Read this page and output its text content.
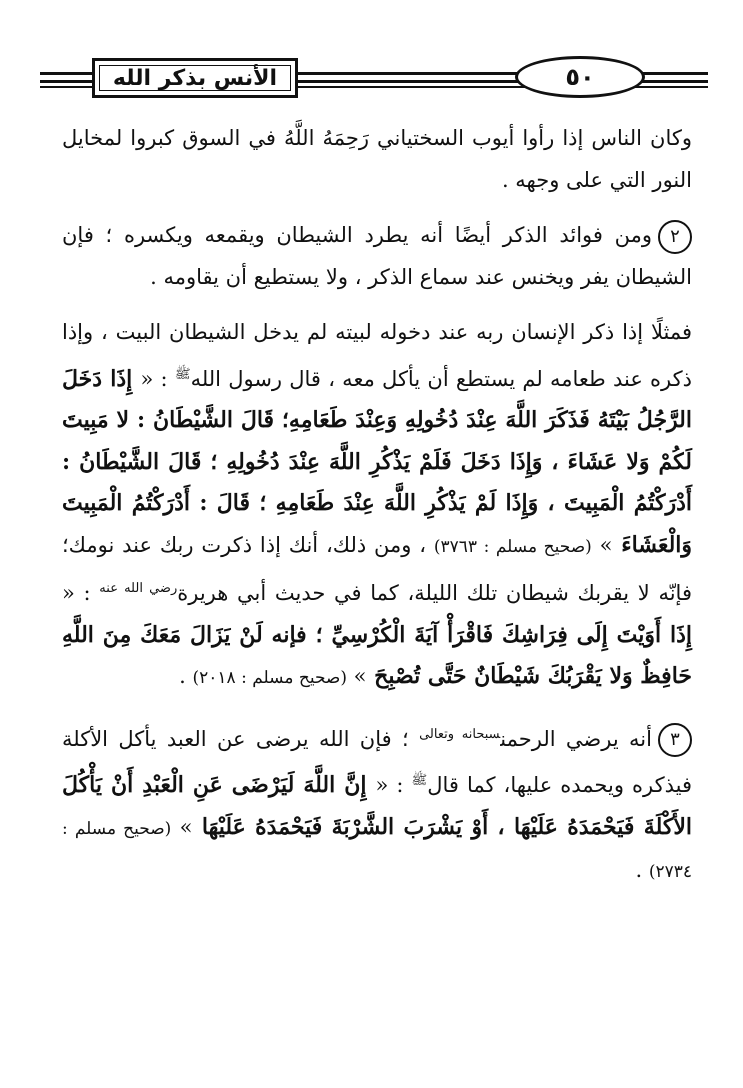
الأنس بذكر الله	٥٠

وكان الناس إذا رأوا أيوب السختياني رَحِمَهُ اللَّهُ في السوق كبروا لمخايل النور التي على وجهه .

٢ومن فوائد الذكر أيضًا أنه يطرد الشيطان ويقمعه ويكسره ؛ فإن الشيطان يفر ويخنس عند سماع الذكر ، ولا يستطيع أن يقاومه .

فمثلًا إذا ذكر الإنسان ربه عند دخوله لبيته لم يدخل الشيطان البيت ، وإذا ذكره عند طعامه لم يستطع أن يأكل معه ، قال رسول الله$^ﷺ$ : « إِذَا دَخَلَ الرَّجُلُ بَيْتَهُ فَذَكَرَ اللَّهَ عِنْدَ دُخُولِهِ وَعِنْدَ طَعَامِهِ؛ قَالَ الشَّيْطَانُ : لا مَبِيتَ لَكُمْ وَلا عَشَاءَ ، وَإِذَا دَخَلَ فَلَمْ يَذْكُرِ اللَّهَ عِنْدَ دُخُولِهِ ؛ قَالَ الشَّيْطَانُ : أَدْرَكْتُمُ الْمَبِيتَ ، وَإِذَا لَمْ يَذْكُرِ اللَّهَ عِنْدَ طَعَامِهِ ؛ قَالَ : أَدْرَكْتُمُ الْمَبِيتَ وَالْعَشَاءَ » (صحيح مسلم : ٣٧٦٣) ، ومن ذلك، أنك إذا ذكرت ربك عند نومك؛ فإنّه لا يقربك شيطان تلك الليلة، كما في حديث أبي هريرة$^{رضي الله عنه}$ : « إِذَا أَوَيْتَ إِلَى فِرَاشِكَ فَاقْرَأْ آيَةَ الْكُرْسِيِّ ؛ فإنه لَنْ يَزَالَ مَعَكَ مِنَ اللَّهِ حَافِظٌ وَلا يَقْرَبُكَ شَيْطَانٌ حَتَّى تُصْبِحَ » (صحيح مسلم : ٢٠١٨) .

٣أنه يرضي الرحمن$^{سبحانه وتعالى}$ ؛ فإن الله يرضى عن العبد يأكل الأكلة فيذكره ويحمده عليها، كما قال$^ﷺ$ : « إِنَّ اللَّهَ لَيَرْضَى عَنِ الْعَبْدِ أَنْ يَأْكُلَ الأَكْلَةَ فَيَحْمَدَهُ عَلَيْهَا ، أَوْ يَشْرَبَ الشَّرْبَةَ فَيَحْمَدَهُ عَلَيْهَا » (صحيح مسلم : ٢٧٣٤) .
